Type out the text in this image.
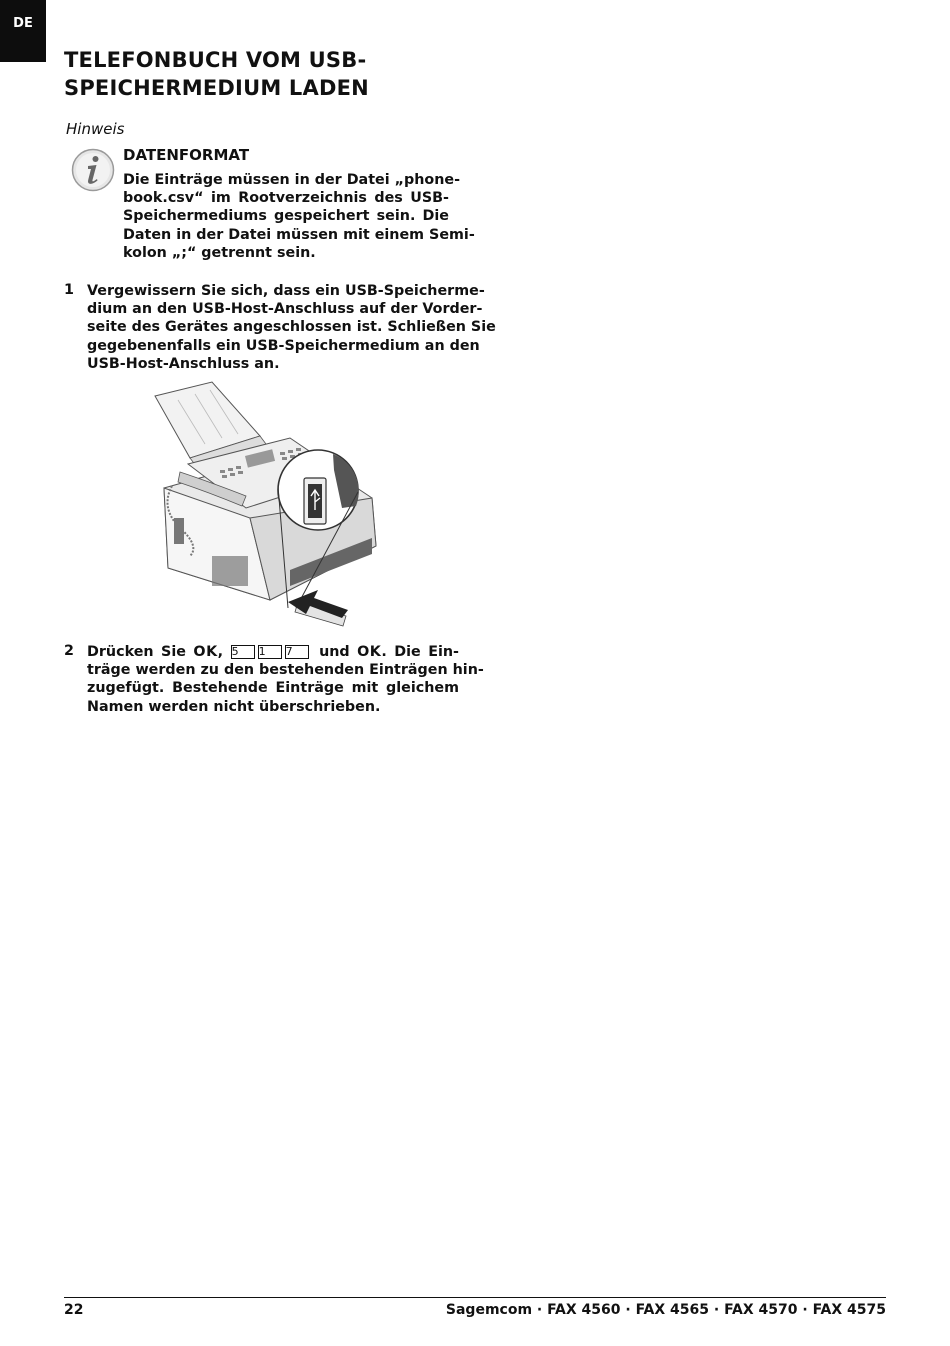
DE
TELEFONBUCH VOM USB-
SPEICHERMEDIUM LADEN
Hinweis
DATENFORMAT
Die Einträge müssen in der Datei „phone-
book.csv“ im Rootverzeichnis des USB-
Speichermediums gespeichert sein. Die
Daten in der Datei müssen mit einem Semi-
kolon „;“ getrennt sein.
1 Vergewissern Sie sich, dass ein USB-Speicherme-
dium an den USB-Host-Anschluss auf der Vorder-
seite des Gerätes angeschlossen ist. Schließen Sie
gegebenenfalls ein USB-Speichermedium an den
USB-Host-Anschluss an.
2 Drücken Sie OK, 5 1 7 und OK. Die Ein-
träge werden zu den bestehenden Einträgen hin-
zugefügt. Bestehende Einträge mit gleichem
Namen werden nicht überschrieben.
22	Sagemcom · FAX 4560 · FAX 4565 · FAX 4570 · FAX 4575
